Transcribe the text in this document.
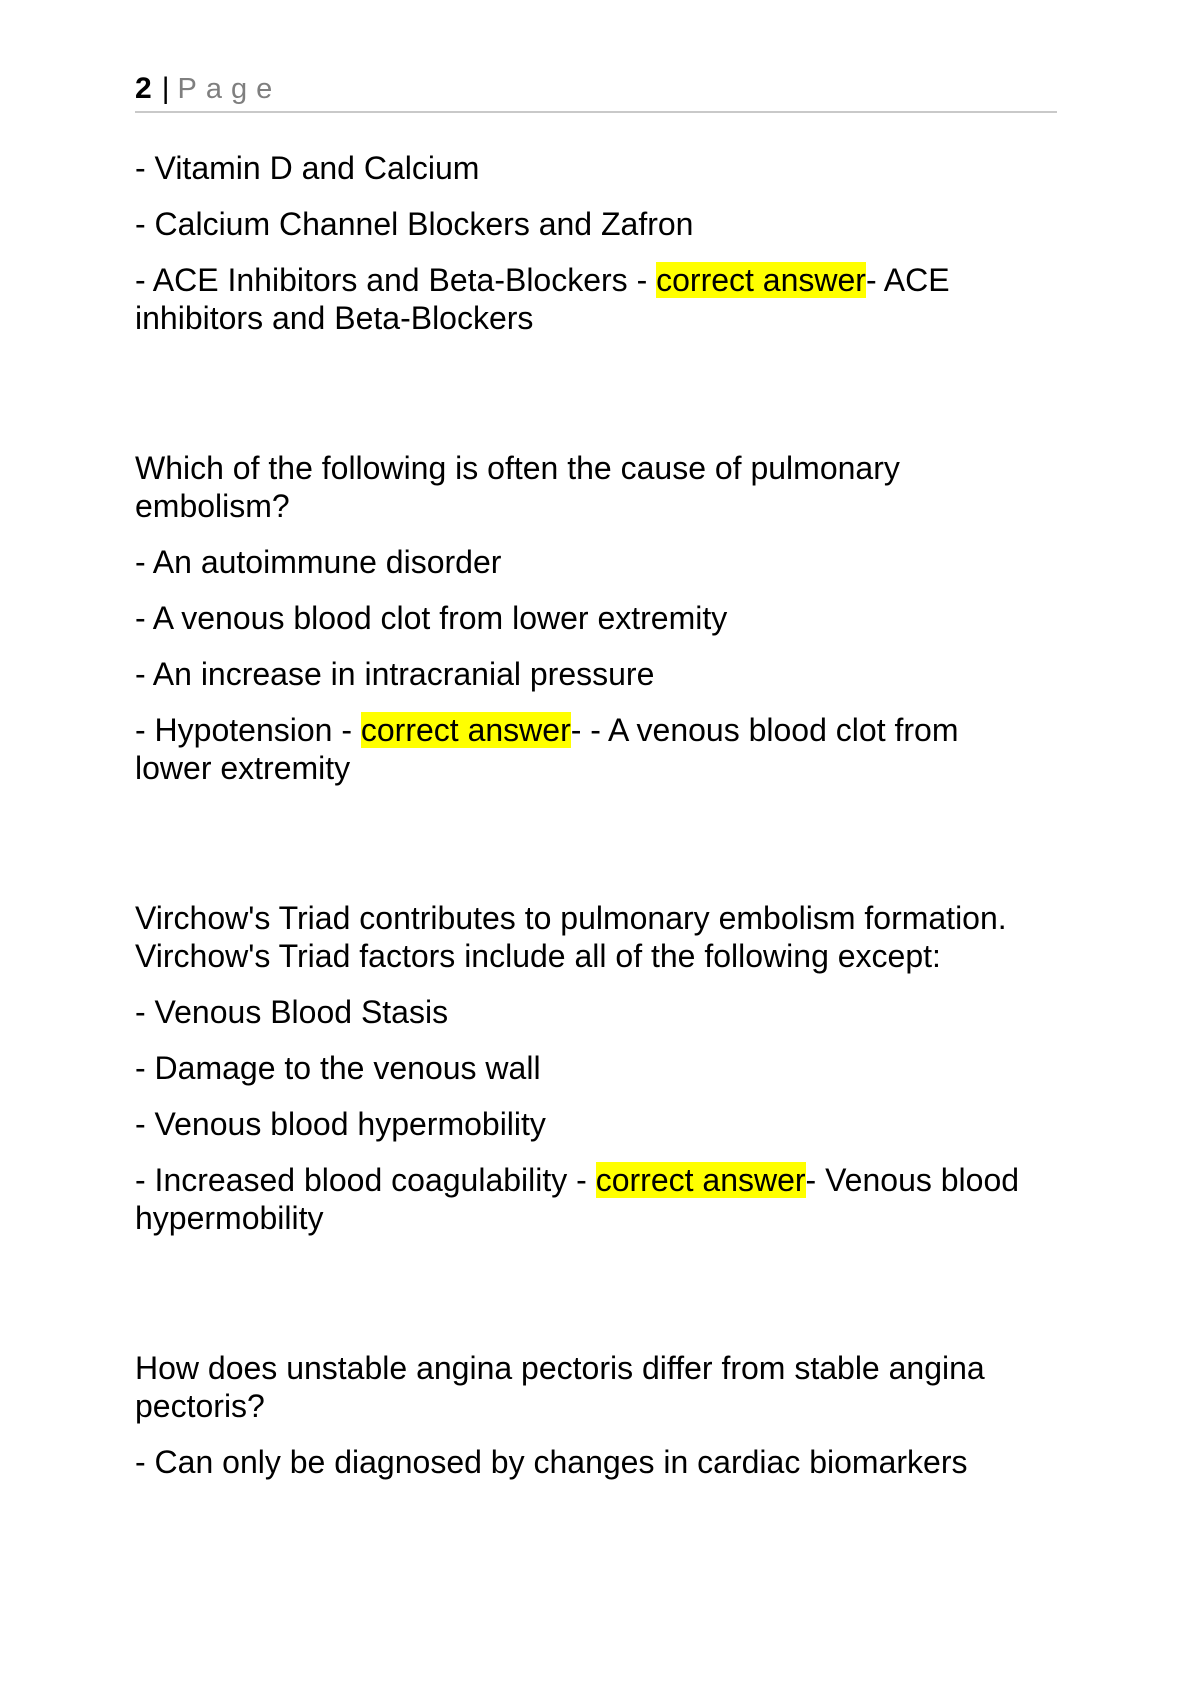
2 | Page

- Vitamin D and Calcium

- Calcium Channel Blockers and Zafron

- ACE Inhibitors and Beta-Blockers - correct answer- ACE inhibitors and Beta-Blockers

Which of the following is often the cause of pulmonary embolism?

- An autoimmune disorder

- A venous blood clot from lower extremity

- An increase in intracranial pressure

- Hypotension - correct answer- - A venous blood clot from lower extremity

Virchow's Triad contributes to pulmonary embolism formation. Virchow's Triad factors include all of the following except:

- Venous Blood Stasis

- Damage to the venous wall

- Venous blood hypermobility

- Increased blood coagulability - correct answer- Venous blood hypermobility

How does unstable angina pectoris differ from stable angina pectoris?

- Can only be diagnosed by changes in cardiac biomarkers
